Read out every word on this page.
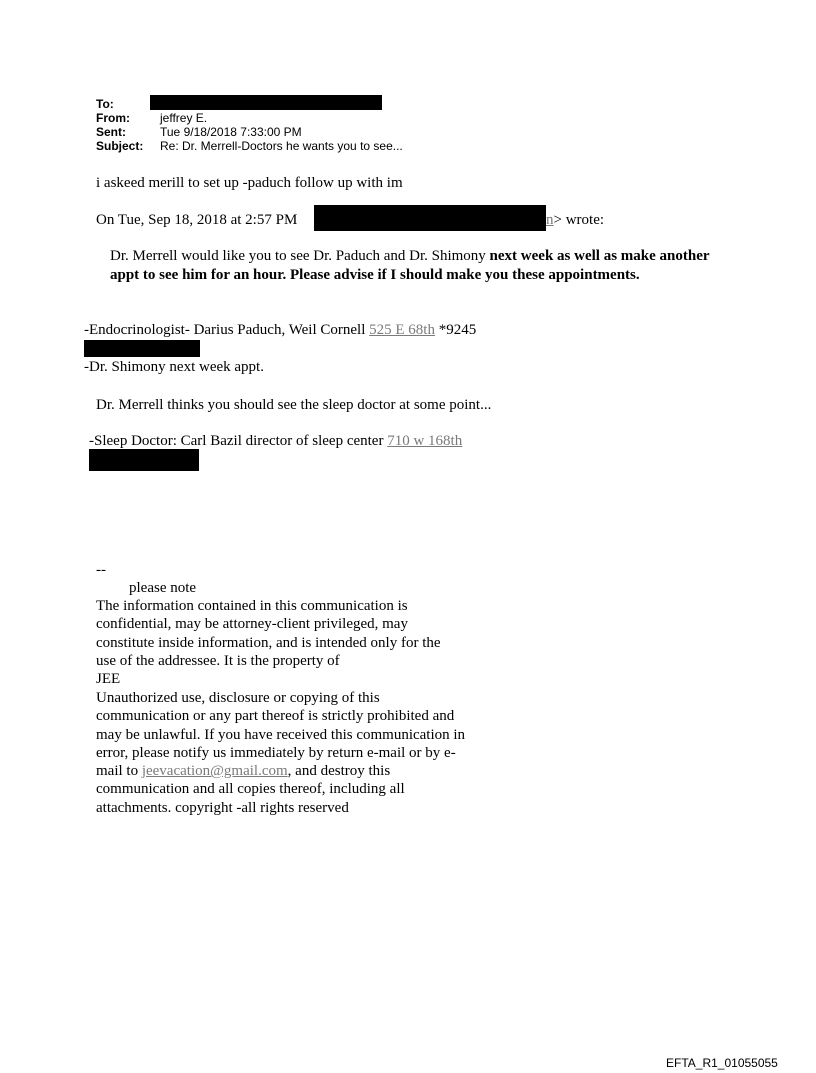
To:
From:	jeffrey E.
Sent:	Tue 9/18/2018 7:33:00 PM
Subject: Re: Dr. Merrell-Doctors he wants you to see...
i askeed merill to set up -paduch follow up with im
On Tue, Sep 18, 2018 at 2:57 PM	n> wrote:
Dr. Merrell would like you to see Dr. Paduch and Dr. Shimony next week as well as make another appt to see him for an hour. Please advise if I should make you these appointments.
-Endocrinologist- Darius Paduch, Weil Cornell 525 E 68th *9245
-Dr. Shimony next week appt.
Dr. Merrell thinks you should see the sleep doctor at some point...
-Sleep Doctor: Carl Bazil director of sleep center 710 w 168th
--
please note
The information contained in this communication is confidential, may be attorney-client privileged, may constitute inside information, and is intended only for the use of the addressee. It is the property of
JEE
Unauthorized use, disclosure or copying of this communication or any part thereof is strictly prohibited and may be unlawful. If you have received this communication in error, please notify us immediately by return e-mail or by e-mail to jeevacation@gmail.com, and destroy this communication and all copies thereof, including all attachments. copyright -all rights reserved
EFTA_R1_01055055
